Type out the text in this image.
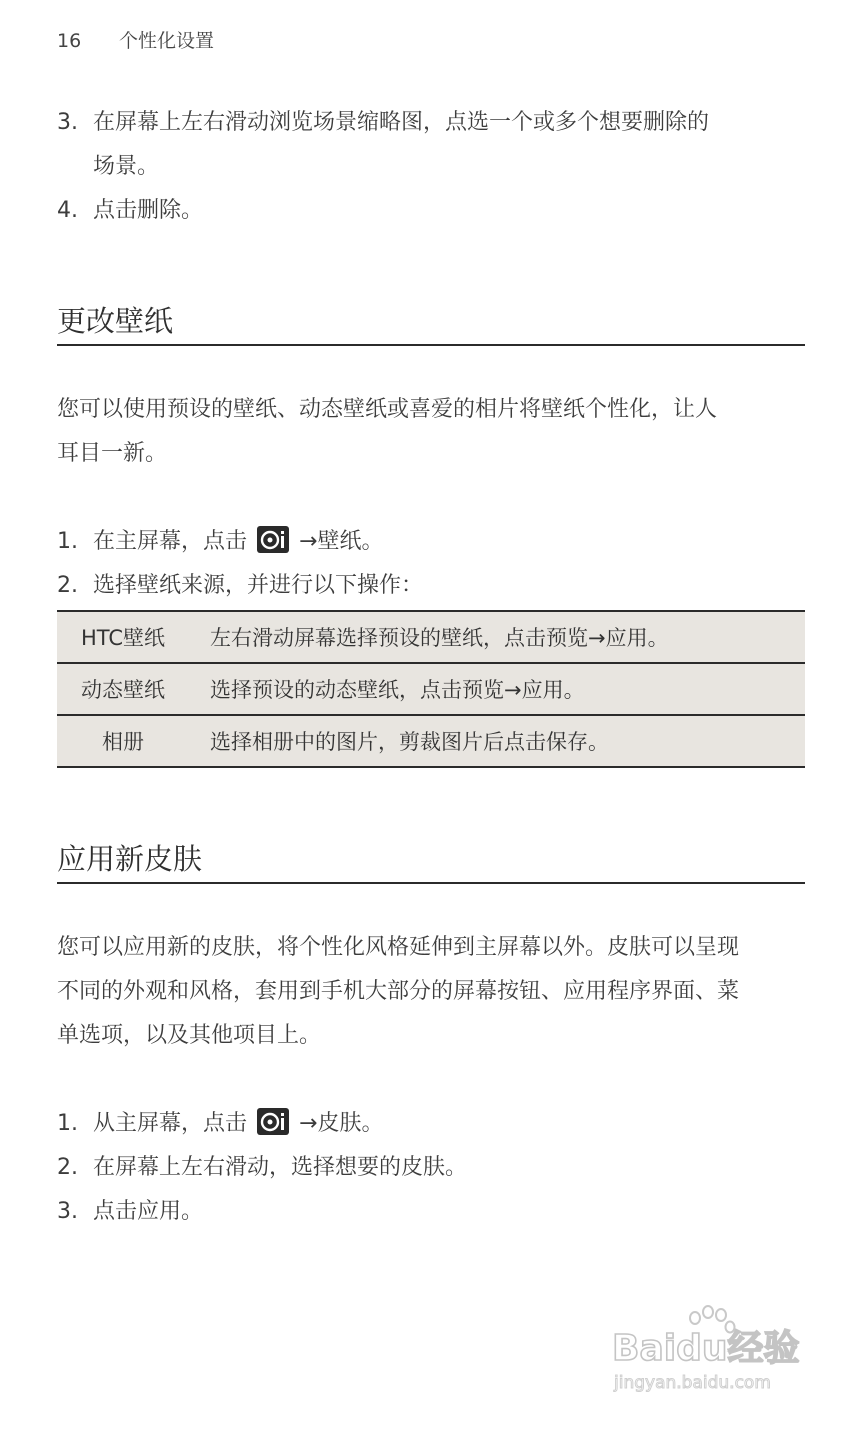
16 个性化设置
3. 在屏幕上左右滑动浏览场景缩略图，点选一个或多个想要删除的
场景。
4. 点击删除。
更改壁纸
您可以使用预设的壁纸、动态壁纸或喜爱的相片将壁纸个性化，让人
耳目一新。
1. 在主屏幕，点击 →壁纸。
2. 选择壁纸来源，并进行以下操作：
HTC壁纸	左右滑动屏幕选择预设的壁纸，点击预览→应用。
动态壁纸	选择预设的动态壁纸，点击预览→应用。
相册	选择相册中的图片，剪裁图片后点击保存。
应用新皮肤
您可以应用新的皮肤，将个性化风格延伸到主屏幕以外。皮肤可以呈现
不同的外观和风格，套用到手机大部分的屏幕按钮、应用程序界面、菜
单选项，以及其他项目上。
1. 从主屏幕，点击 →皮肤。
2. 在屏幕上左右滑动，选择想要的皮肤。
3. 点击应用。
Baidu经验
jingyan.baidu.com
